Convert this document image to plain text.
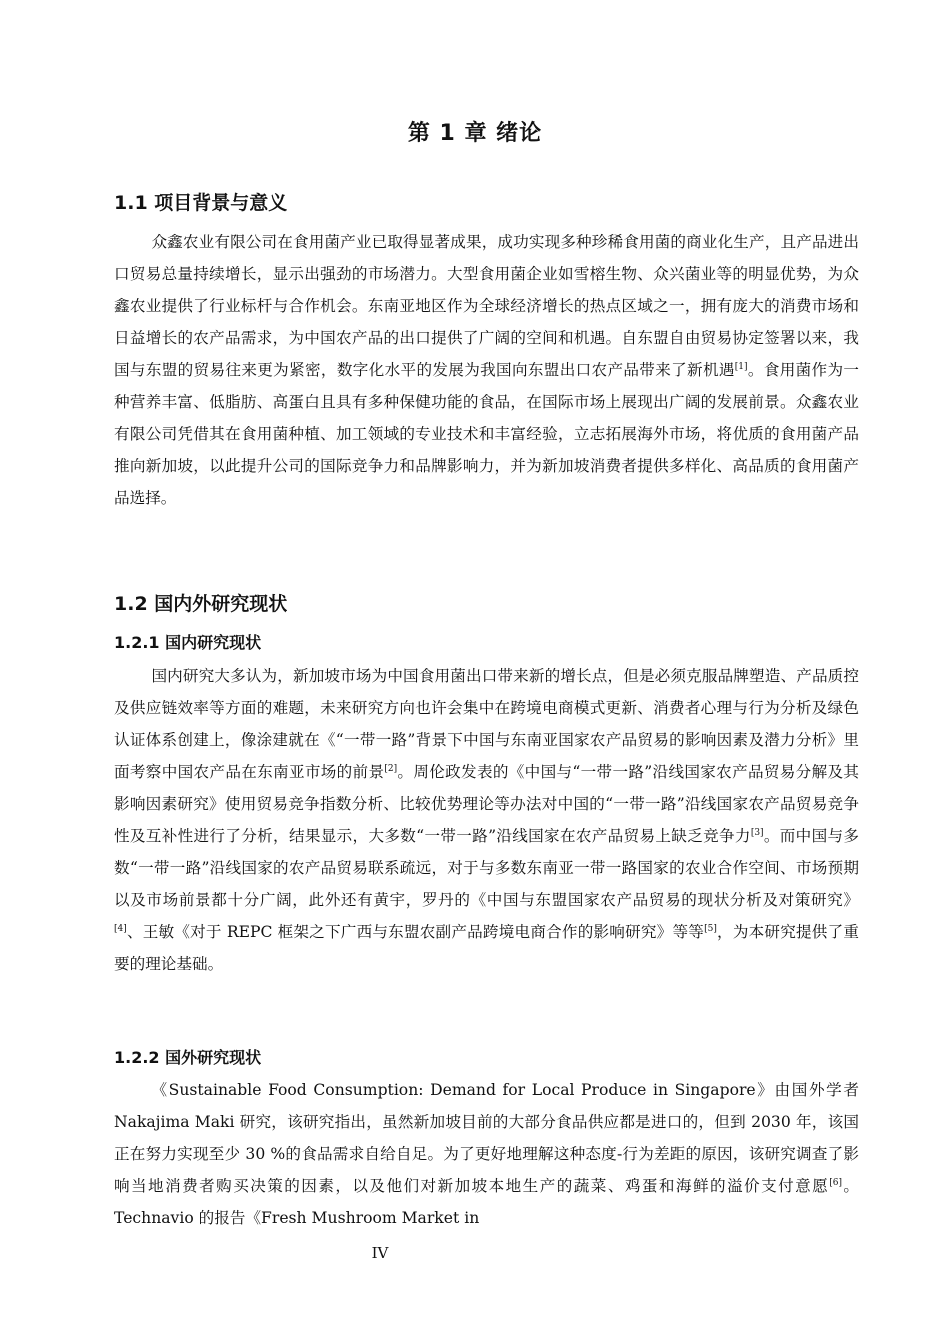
第 1 章 绪论
1.1 项目背景与意义

众鑫农业有限公司在食用菌产业已取得显著成果，成功实现多种珍稀食用菌的商业化生产，且产品进出口贸易总量持续增长，显示出强劲的市场潜力。大型食用菌企业如雪榕生物、众兴菌业等的明显优势，为众鑫农业提供了行业标杆与合作机会。东南亚地区作为全球经济增长的热点区域之一，拥有庞大的消费市场和日益增长的农产品需求，为中国农产品的出口提供了广阔的空间和机遇。自东盟自由贸易协定签署以来，我国与东盟的贸易往来更为紧密，数字化水平的发展为我国向东盟出口农产品带来了新机遇[1]。食用菌作为一种营养丰富、低脂肪、高蛋白且具有多种保健功能的食品，在国际市场上展现出广阔的发展前景。众鑫农业有限公司凭借其在食用菌种植、加工领域的专业技术和丰富经验，立志拓展海外市场，将优质的食用菌产品推向新加坡，以此提升公司的国际竞争力和品牌影响力，并为新加坡消费者提供多样化、高品质的食用菌产品选择。

1.2 国内外研究现状
1.2.1 国内研究现状

国内研究大多认为，新加坡市场为中国食用菌出口带来新的增长点，但是必须克服品牌塑造、产品质控及供应链效率等方面的难题，未来研究方向也许会集中在跨境电商模式更新、消费者心理与行为分析及绿色认证体系创建上，像涂建就在《“一带一路”背景下中国与东南亚国家农产品贸易的影响因素及潜力分析》里面考察中国农产品在东南亚市场的前景[2]。周伦政发表的《中国与“一带一路”沿线国家农产品贸易分解及其影响因素研究》使用贸易竞争指数分析、比较优势理论等办法对中国的“一带一路”沿线国家农产品贸易竞争性及互补性进行了分析，结果显示，大多数“一带一路”沿线国家在农产品贸易上缺乏竞争力[3]。而中国与多数“一带一路”沿线国家的农产品贸易联系疏远，对于与多数东南亚一带一路国家的农业合作空间、市场预期以及市场前景都十分广阔，此外还有黄宇，罗丹的《中国与东盟国家农产品贸易的现状分析及对策研究》[4]、王敏《对于 REPC 框架之下广西与东盟农副产品跨境电商合作的影响研究》等等[5]，为本研究提供了重要的理论基础。

1.2.2 国外研究现状

《Sustainable Food Consumption: Demand for Local Produce in Singapore》由国外学者 Nakajima Maki 研究，该研究指出，虽然新加坡目前的大部分食品供应都是进口的，但到 2030 年，该国正在努力实现至少 30 %的食品需求自给自足。为了更好地理解这种态度-行为差距的原因，该研究调查了影响当地消费者购买决策的因素，以及他们对新加坡本地生产的蔬菜、鸡蛋和海鲜的溢价支付意愿[6]。Technavio 的报告《Fresh Mushroom Market in

IV
